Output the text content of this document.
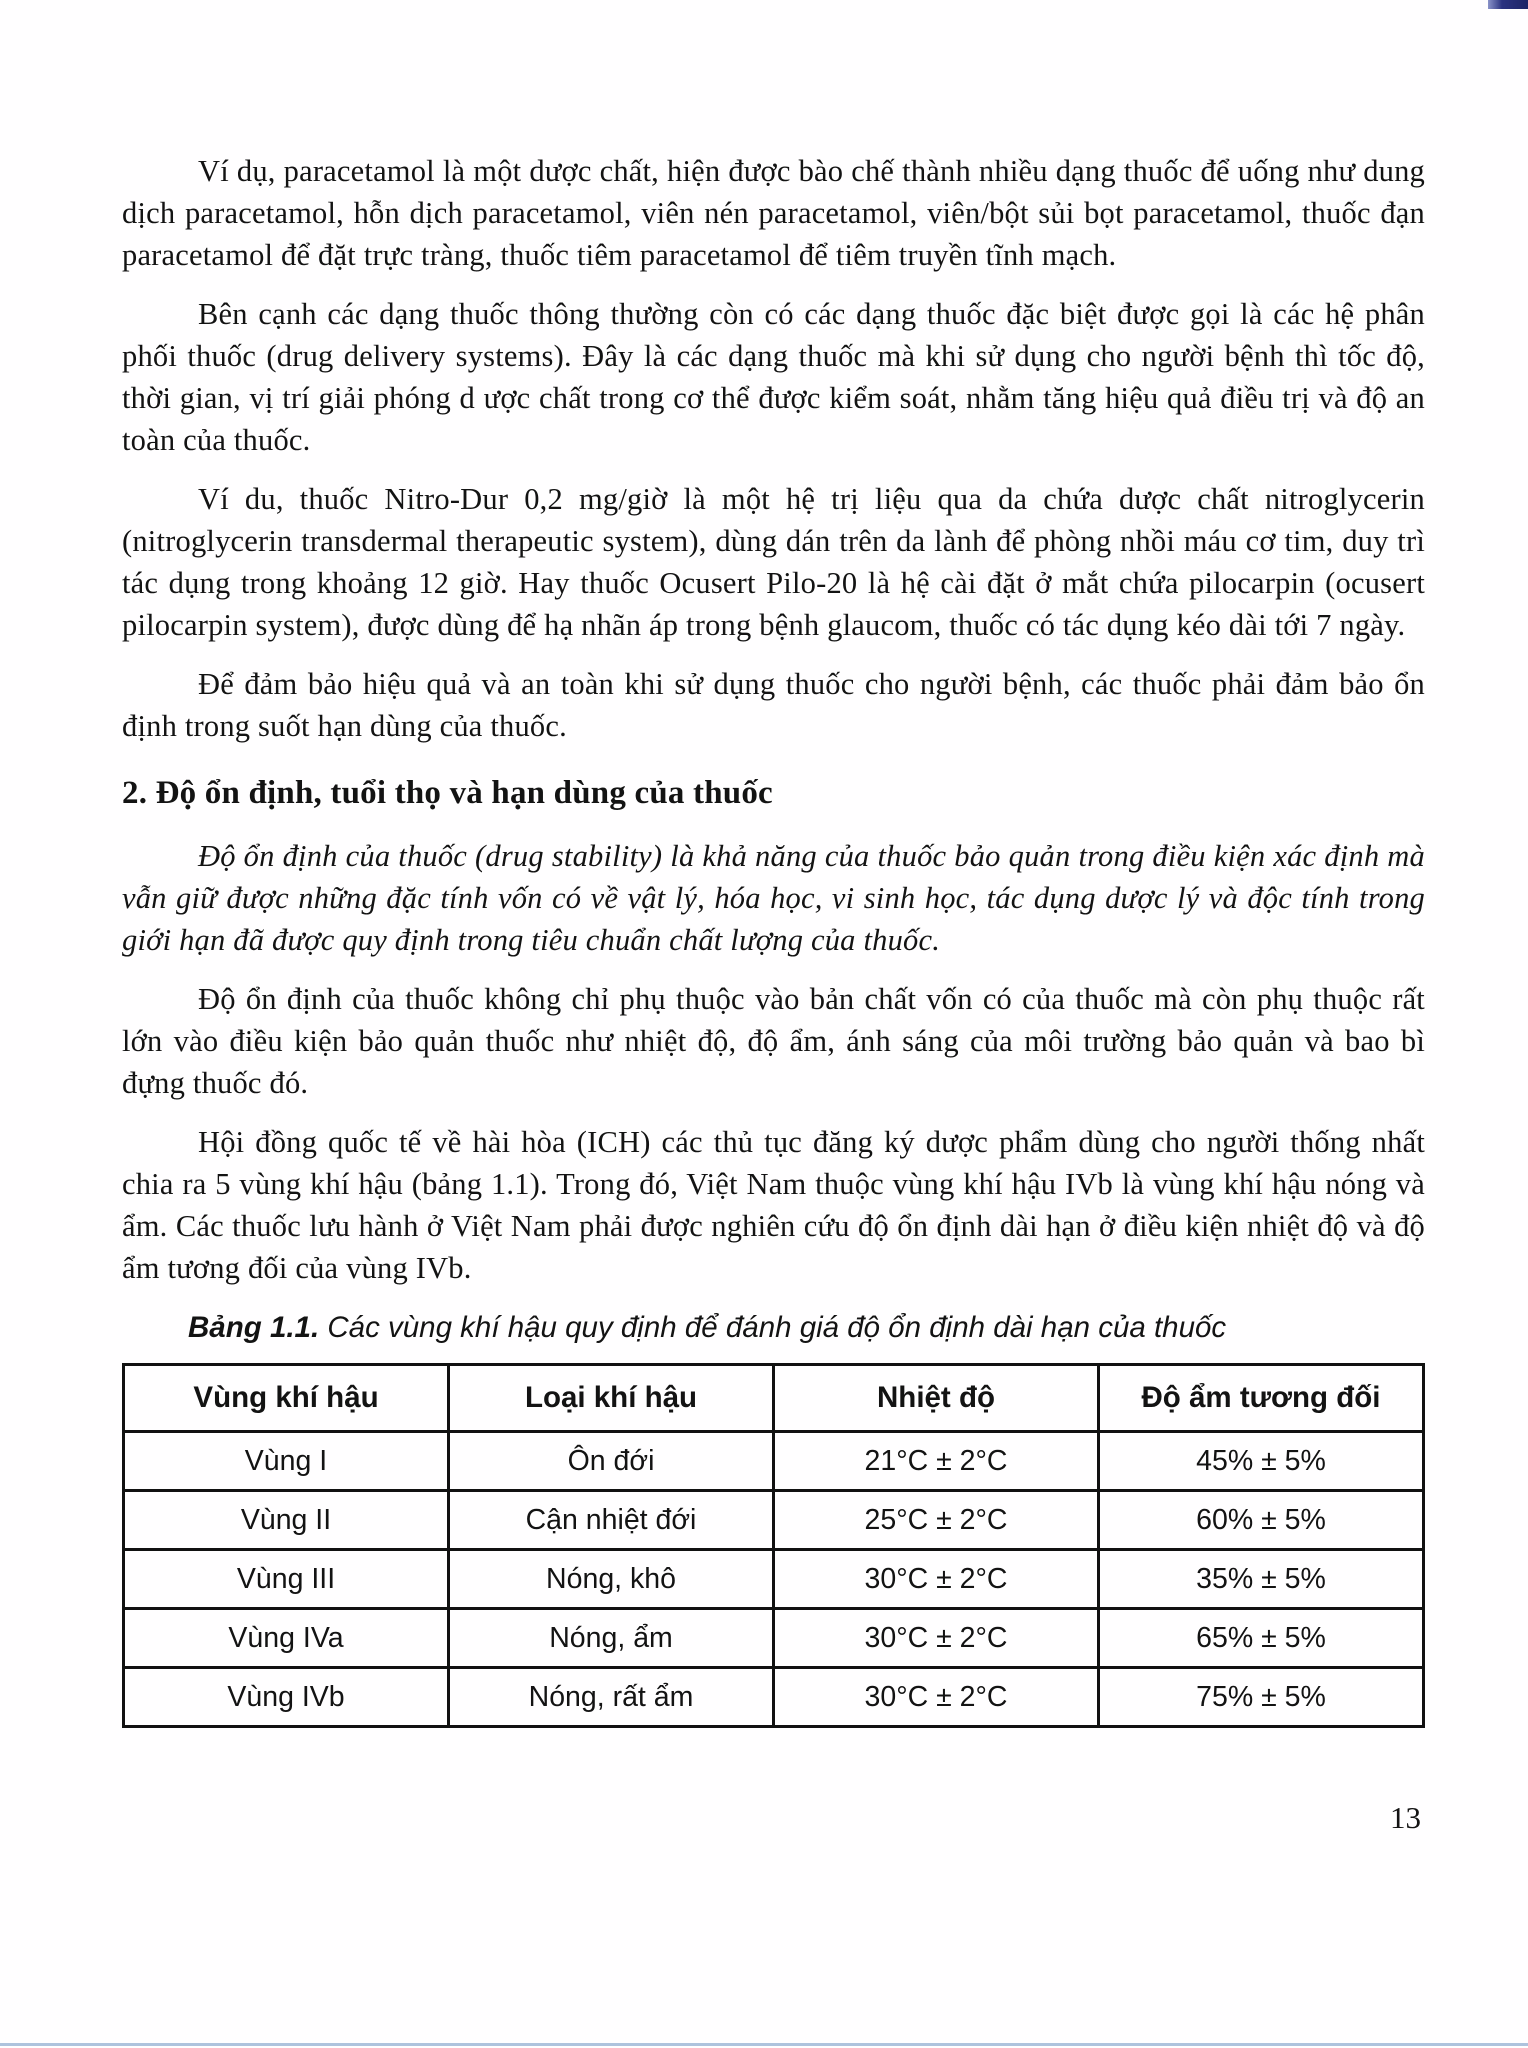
Ví dụ, paracetamol là một dược chất, hiện được bào chế thành nhiều dạng thuốc để uống như dung dịch paracetamol, hỗn dịch paracetamol, viên nén paracetamol, viên/bột sủi bọt paracetamol, thuốc đạn paracetamol để đặt trực tràng, thuốc tiêm paracetamol để tiêm truyền tĩnh mạch.

Bên cạnh các dạng thuốc thông thường còn có các dạng thuốc đặc biệt được gọi là các hệ phân phối thuốc (drug delivery systems). Đây là các dạng thuốc mà khi sử dụng cho người bệnh thì tốc độ, thời gian, vị trí giải phóng d ược chất trong cơ thể được kiểm soát, nhằm tăng hiệu quả điều trị và độ an toàn của thuốc.

Ví du, thuốc Nitro-Dur 0,2 mg/giờ là một hệ trị liệu qua da chứa dược chất nitroglycerin (nitroglycerin transdermal therapeutic system), dùng dán trên da lành để phòng nhồi máu cơ tim, duy trì tác dụng trong khoảng 12 giờ. Hay thuốc Ocusert Pilo-20 là hệ cài đặt ở mắt chứa pilocarpin (ocusert pilocarpin system), được dùng để hạ nhãn áp trong bệnh glaucom, thuốc có tác dụng kéo dài tới 7 ngày.

Để đảm bảo hiệu quả và an toàn khi sử dụng thuốc cho người bệnh, các thuốc phải đảm bảo ổn định trong suốt hạn dùng của thuốc.

2. Độ ổn định, tuổi thọ và hạn dùng của thuốc

Độ ổn định của thuốc (drug stability) là khả năng của thuốc bảo quản trong điều kiện xác định mà vẫn giữ được những đặc tính vốn có về vật lý, hóa học, vi sinh học, tác dụng dược lý và độc tính trong giới hạn đã được quy định trong tiêu chuẩn chất lượng của thuốc.

Độ ổn định của thuốc không chỉ phụ thuộc vào bản chất vốn có của thuốc mà còn phụ thuộc rất lớn vào điều kiện bảo quản thuốc như nhiệt độ, độ ẩm, ánh sáng của môi trường bảo quản và bao bì đựng thuốc đó.

Hội đồng quốc tế về hài hòa (ICH) các thủ tục đăng ký dược phẩm dùng cho người thống nhất chia ra 5 vùng khí hậu (bảng 1.1). Trong đó, Việt Nam thuộc vùng khí hậu IVb là vùng khí hậu nóng và ẩm. Các thuốc lưu hành ở Việt Nam phải được nghiên cứu độ ổn định dài hạn ở điều kiện nhiệt độ và độ ẩm tương đối của vùng IVb.

Bảng 1.1. Các vùng khí hậu quy định để đánh giá độ ổn định dài hạn của thuốc

Vùng khí hậu	Loại khí hậu	Nhiệt độ	Độ ẩm tương đối
Vùng I	Ôn đới	21°C ± 2°C	45% ± 5%
Vùng II	Cận nhiệt đới	25°C ± 2°C	60% ± 5%
Vùng III	Nóng, khô	30°C ± 2°C	35% ± 5%
Vùng IVa	Nóng, ẩm	30°C ± 2°C	65% ± 5%
Vùng IVb	Nóng, rất ẩm	30°C ± 2°C	75% ± 5%
13
